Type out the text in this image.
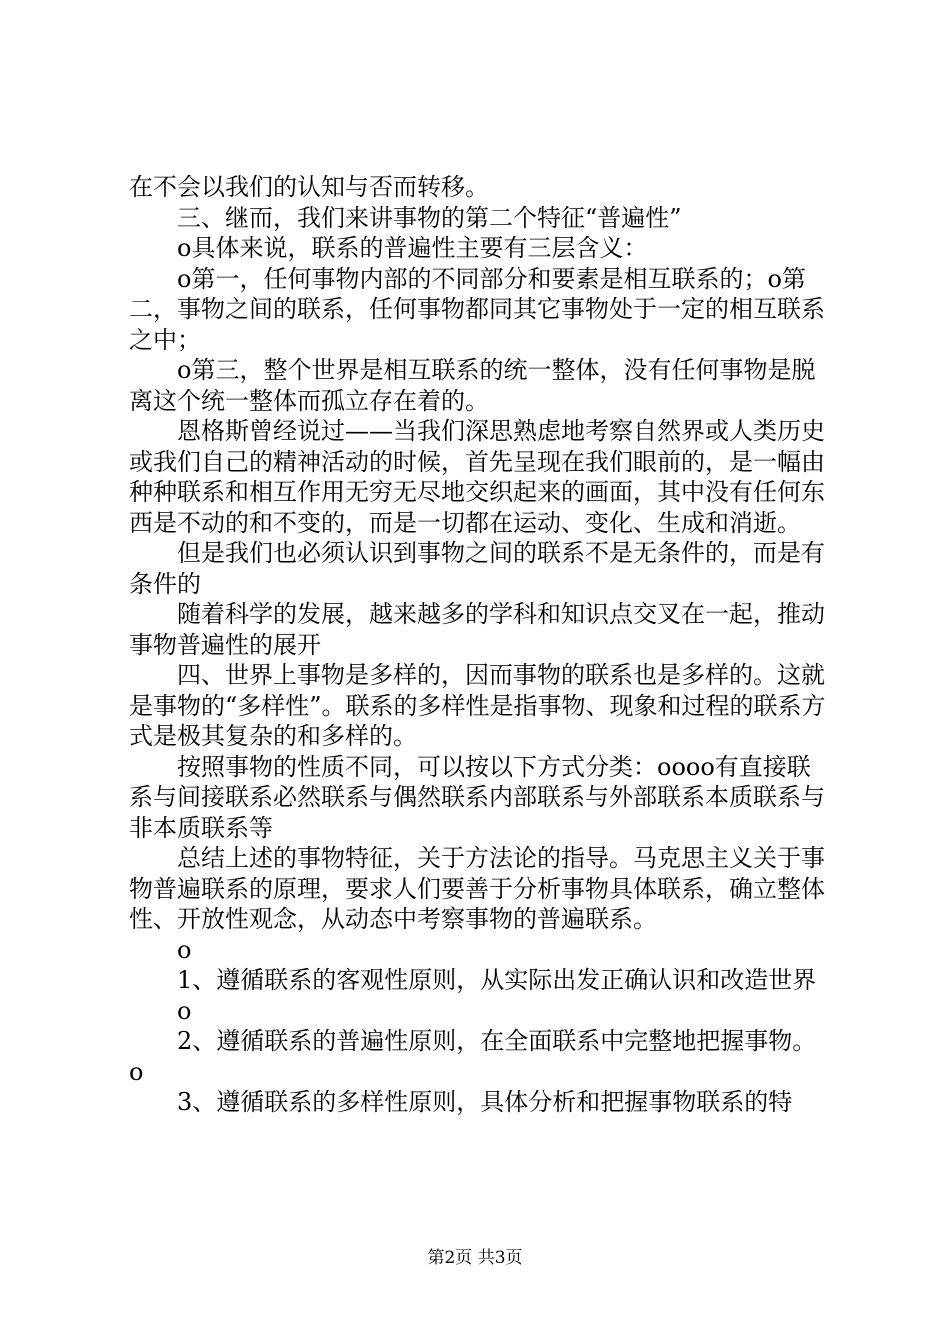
在不会以我们的认知与否而转移。

三、继而，我们来讲事物的第二个特征“普遍性”

o具体来说，联系的普遍性主要有三层含义：

o第一，任何事物内部的不同部分和要素是相互联系的；o第二，事物之间的联系，任何事物都同其它事物处于一定的相互联系之中；

o第三，整个世界是相互联系的统一整体，没有任何事物是脱离这个统一整体而孤立存在着的。

恩格斯曾经说过——当我们深思熟虑地考察自然界或人类历史或我们自己的精神活动的时候，首先呈现在我们眼前的，是一幅由种种联系和相互作用无穷无尽地交织起来的画面，其中没有任何东西是不动的和不变的，而是一切都在运动、变化、生成和消逝。

但是我们也必须认识到事物之间的联系不是无条件的，而是有条件的

随着科学的发展，越来越多的学科和知识点交叉在一起，推动事物普遍性的展开

四、世界上事物是多样的，因而事物的联系也是多样的。这就是事物的“多样性”。联系的多样性是指事物、现象和过程的联系方式是极其复杂的和多样的。

按照事物的性质不同，可以按以下方式分类：oooo有直接联系与间接联系必然联系与偶然联系内部联系与外部联系本质联系与非本质联系等

总结上述的事物特征，关于方法论的指导。马克思主义关于事物普遍联系的原理，要求人们要善于分析事物具体联系，确立整体性、开放性观念，从动态中考察事物的普遍联系。

o

1、遵循联系的客观性原则，从实际出发正确认识和改造世界

o

2、遵循联系的普遍性原则，在全面联系中完整地把握事物。

o

3、遵循联系的多样性原则，具体分析和把握事物联系的特

第2页 共3页
